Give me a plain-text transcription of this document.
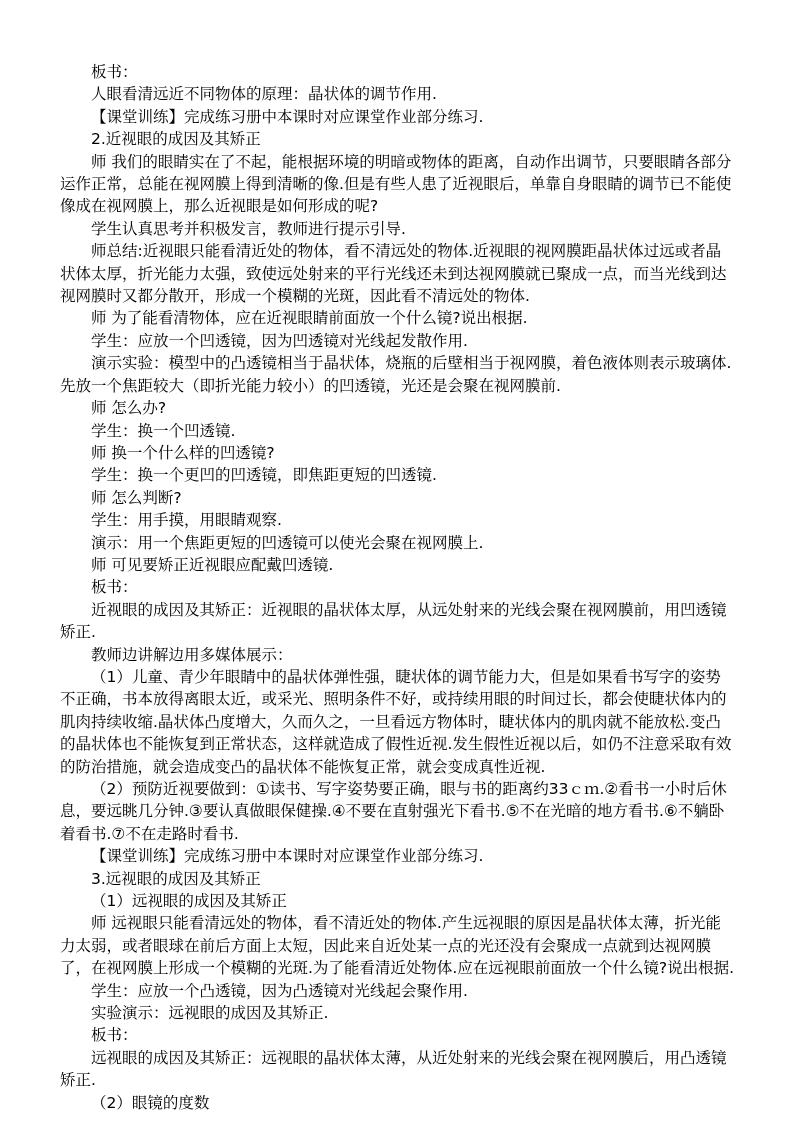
板书：

人眼看清远近不同物体的原理：晶状体的调节作用.

【课堂训练】完成练习册中本课时对应课堂作业部分练习.

2.近视眼的成因及其矫正

师 我们的眼睛实在了不起，能根据环境的明暗或物体的距离，自动作出调节，只要眼睛各部分运作正常，总能在视网膜上得到清晰的像.但是有些人患了近视眼后，单靠自身眼睛的调节已不能使像成在视网膜上，那么近视眼是如何形成的呢?

学生认真思考并积极发言，教师进行提示引导.

师总结:近视眼只能看清近处的物体，看不清远处的物体.近视眼的视网膜距晶状体过远或者晶状体太厚，折光能力太强，致使远处射来的平行光线还未到达视网膜就已聚成一点，而当光线到达视网膜时又都分散开，形成一个模糊的光斑，因此看不清远处的物体.

师 为了能看清物体，应在近视眼睛前面放一个什么镜?说出根据.

学生：应放一个凹透镜，因为凹透镜对光线起发散作用.

演示实验：模型中的凸透镜相当于晶状体，烧瓶的后壁相当于视网膜，着色液体则表示玻璃体.先放一个焦距较大（即折光能力较小）的凹透镜，光还是会聚在视网膜前.

师 怎么办?

学生：换一个凹透镜.

师 换一个什么样的凹透镜?

学生：换一个更凹的凹透镜，即焦距更短的凹透镜.

师 怎么判断?

学生：用手摸，用眼睛观察.

演示：用一个焦距更短的凹透镜可以使光会聚在视网膜上.

师 可见要矫正近视眼应配戴凹透镜.

板书：

近视眼的成因及其矫正：近视眼的晶状体太厚，从远处射来的光线会聚在视网膜前，用凹透镜矫正.

教师边讲解边用多媒体展示：

（1）儿童、青少年眼睛中的晶状体弹性强，睫状体的调节能力大，但是如果看书写字的姿势不正确，书本放得离眼太近，或采光、照明条件不好，或持续用眼的时间过长，都会使睫状体内的肌肉持续收缩.晶状体凸度增大，久而久之，一旦看远方物体时，睫状体内的肌肉就不能放松.变凸的晶状体也不能恢复到正常状态，这样就造成了假性近视.发生假性近视以后，如仍不注意采取有效的防治措施，就会造成变凸的晶状体不能恢复正常，就会变成真性近视.

（2）预防近视要做到：①读书、写字姿势要正确，眼与书的距离约33ｃｍ.②看书一小时后休息，要远眺几分钟.③要认真做眼保健操.④不要在直射强光下看书.⑤不在光暗的地方看书.⑥不躺卧着看书.⑦不在走路时看书.

【课堂训练】完成练习册中本课时对应课堂作业部分练习.

3.远视眼的成因及其矫正

（1）远视眼的成因及其矫正

师 远视眼只能看清远处的物体，看不清近处的物体.产生远视眼的原因是晶状体太薄，折光能力太弱，或者眼球在前后方面上太短，因此来自近处某一点的光还没有会聚成一点就到达视网膜了，在视网膜上形成一个模糊的光斑.为了能看清近处物体.应在远视眼前面放一个什么镜?说出根据.

学生：应放一个凸透镜，因为凸透镜对光线起会聚作用.

实验演示：远视眼的成因及其矫正.

板书：

远视眼的成因及其矫正：远视眼的晶状体太薄，从近处射来的光线会聚在视网膜后，用凸透镜矫正.

（2）眼镜的度数
